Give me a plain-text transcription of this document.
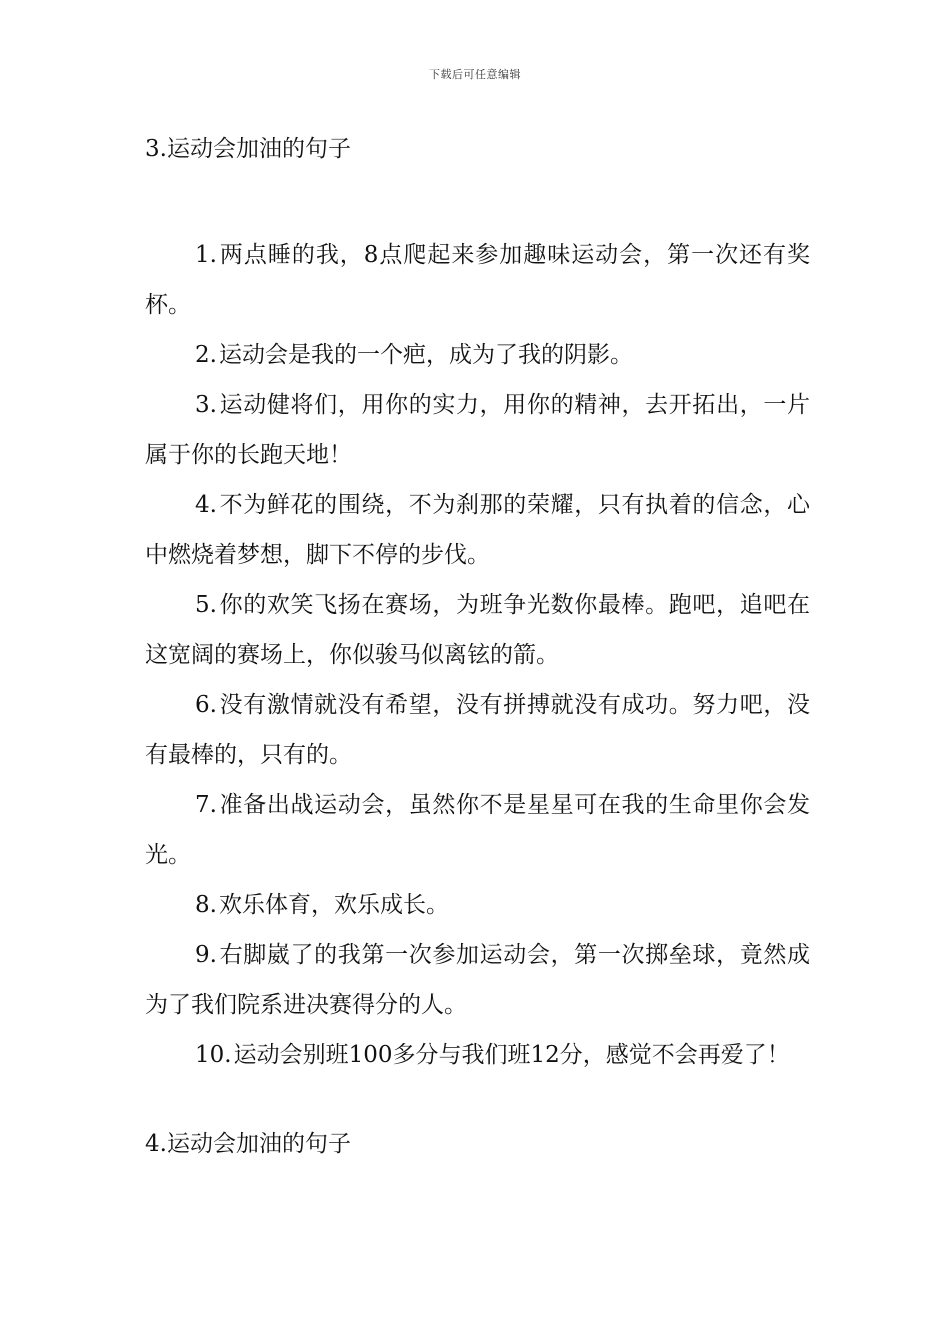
下载后可任意编辑
3.运动会加油的句子

1.两点睡的我，8点爬起来参加趣味运动会，第一次还有奖杯。

2.运动会是我的一个疤，成为了我的阴影。

3.运动健将们，用你的实力，用你的精神，去开拓出，一片属于你的长跑天地！

4.不为鲜花的围绕，不为刹那的荣耀，只有执着的信念，心中燃烧着梦想，脚下不停的步伐。

5.你的欢笑飞扬在赛场，为班争光数你最棒。跑吧，追吧在这宽阔的赛场上，你似骏马似离铉的箭。

6.没有激情就没有希望，没有拼搏就没有成功。努力吧，没有最棒的，只有的。

7.准备出战运动会，虽然你不是星星可在我的生命里你会发光。

8.欢乐体育，欢乐成长。

9.右脚崴了的我第一次参加运动会，第一次掷垒球，竟然成为了我们院系进决赛得分的人。

10.运动会别班100多分与我们班12分，感觉不会再爱了！

4.运动会加油的句子
